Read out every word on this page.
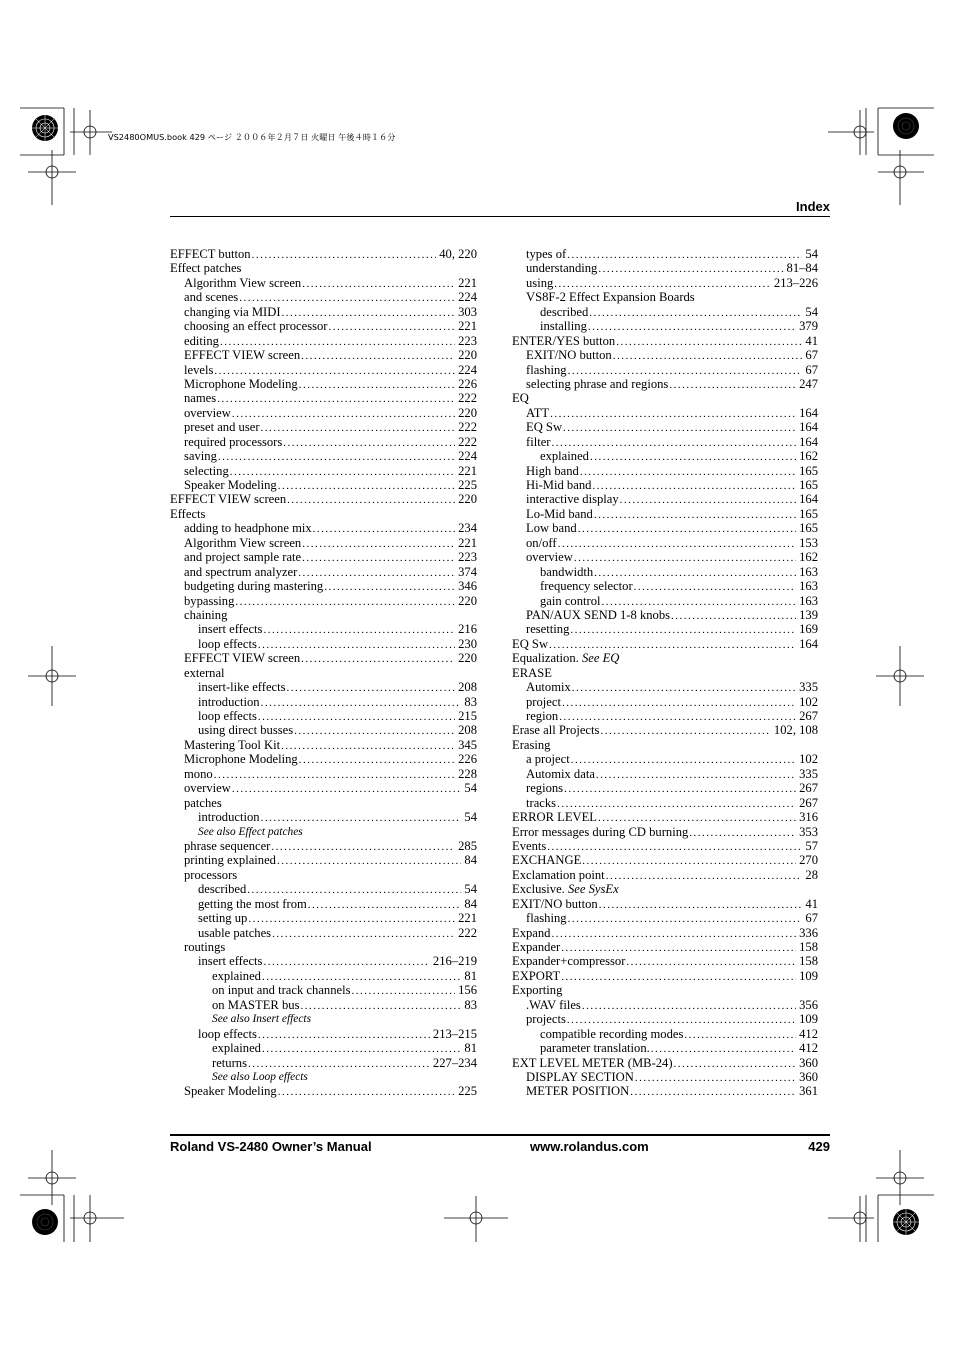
VS2480OMUS.book 429 ページ ２００６年２月７日 火曜日 午後４時１６分
Index
EFFECT button .....	40, 220
Effect patches
Algorithm View screen .....	221
and scenes .....	224
changing via MIDI .....	303
choosing an effect processor .....	221
editing .....	223
EFFECT VIEW screen .....	220
levels .....	224
Microphone Modeling .....	226
names .....	222
overview .....	220
preset and user .....	222
required processors .....	222
saving .....	224
selecting .....	221
Speaker Modeling .....	225
EFFECT VIEW screen .....	220
Effects
adding to headphone mix .....	234
Algorithm View screen .....	221
and project sample rate .....	223
and spectrum analyzer .....	374
budgeting during mastering .....	346
bypassing .....	220
chaining
insert effects .....	216
loop effects .....	230
EFFECT VIEW screen .....	220
external
insert-like effects .....	208
introduction .....	83
loop effects .....	215
using direct busses .....	208
Mastering Tool Kit .....	345
Microphone Modeling .....	226
mono .....	228
overview .....	54
patches
introduction .....	54
See also Effect patches
phrase sequencer .....	285
printing explained .....	84
processors
described .....	54
getting the most from .....	84
setting up .....	221
usable patches .....	222
routings
insert effects .....	216–219
explained .....	81
on input and track channels .....	156
on MASTER bus .....	83
See also Insert effects
loop effects .....	213–215
explained .....	81
returns .....	227–234
See also Loop effects
Speaker Modeling .....	225
types of .....	54
understanding .....	81–84
using .....	213–226
VS8F-2 Effect Expansion Boards
described .....	54
installing .....	379
ENTER/YES button .....	41
EXIT/NO button .....	67
flashing .....	67
selecting phrase and regions .....	247
EQ
ATT .....	164
EQ Sw .....	164
filter .....	164
explained .....	162
High band .....	165
Hi-Mid band .....	165
interactive display .....	164
Lo-Mid band .....	165
Low band .....	165
on/off .....	153
overview .....	162
bandwidth .....	163
frequency selector .....	163
gain control .....	163
PAN/AUX SEND 1-8 knobs .....	139
resetting .....	169
EQ Sw .....	164
Equalization. See EQ
ERASE
Automix .....	335
project .....	102
region .....	267
Erase all Projects .....	102, 108
Erasing
a project .....	102
Automix data .....	335
regions .....	267
tracks .....	267
ERROR LEVEL .....	316
Error messages during CD burning .....	353
Events .....	57
EXCHANGE .....	270
Exclamation point .....	28
Exclusive. See SysEx
EXIT/NO button .....	41
flashing .....	67
Expand .....	336
Expander .....	158
Expander+compressor .....	158
EXPORT .....	109
Exporting
.WAV files .....	356
projects .....	109
compatible recording modes .....	412
parameter translation. .....	412
EXT LEVEL METER (MB-24) .....	360
DISPLAY SECTION .....	360
METER POSITION .....	361
Roland VS-2480 Owner’s Manual	www.rolandus.com	429
